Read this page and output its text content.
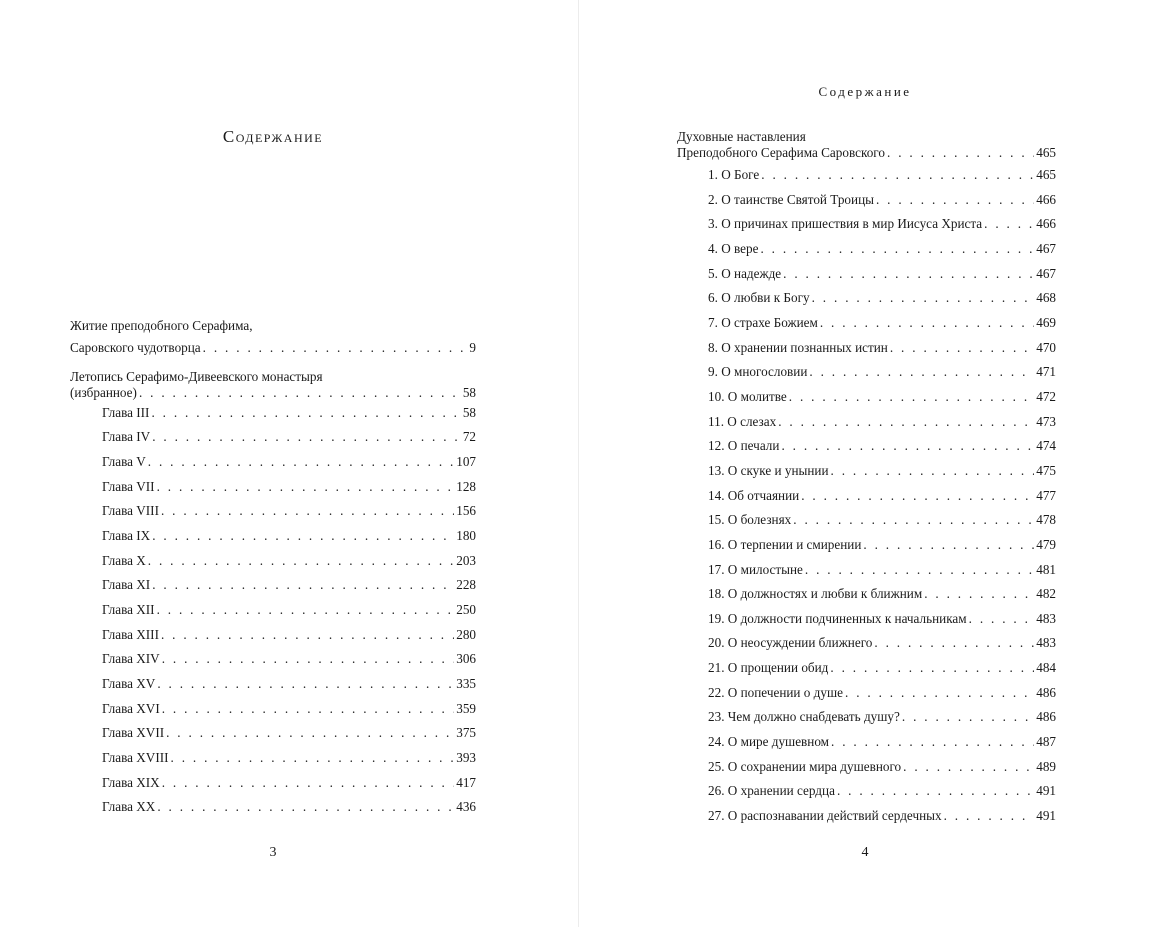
Содержание
Житие преподобного Серафима,
Саровского чудотворца . . .	9
Летопись Серафимо-Дивеевского монастыря
(избранное) . . .	58
Глава III . . .	58
Глава IV . . .	72
Глава V . . .	107
Глава VII . . .	128
Глава VIII . . .	156
Глава IX . . .	180
Глава X . . .	203
Глава XI . . .	228
Глава XII . . .	250
Глава XIII . . .	280
Глава XIV . . .	306
Глава XV . . .	335
Глава XVI . . .	359
Глава XVII . . .	375
Глава XVIII . . .	393
Глава XIX . . .	417
Глава XX . . .	436
3
Содержание
Духовные наставления
Преподобного Серафима Саровского . . .	465
1. О Боге . . .	465
2. О таинстве Святой Троицы . . .	466
3. О причинах пришествия в мир Иисуса Христа . . .	466
4. О вере . . .	467
5. О надежде . . .	467
6. О любви к Богу . . .	468
7. О страхе Божием . . .	469
8. О хранении познанных истин . . .	470
9. О многословии . . .	471
10. О молитве . . .	472
11. О слезах . . .	473
12. О печали . . .	474
13. О скуке и унынии . . .	475
14. Об отчаянии . . .	477
15. О болезнях . . .	478
16. О терпении и смирении . . .	479
17. О милостыне . . .	481
18. О должностях и любви к ближним . . .	482
19. О должности подчиненных к начальникам . . .	483
20. О неосуждении ближнего . . .	483
21. О прощении обид . . .	484
22. О попечении о душе . . .	486
23. Чем должно снабдевать душу? . . .	486
24. О мире душевном . . .	487
25. О сохранении мира душевного . . .	489
26. О хранении сердца . . .	491
27. О распознавании действий сердечных . . .	491
4
